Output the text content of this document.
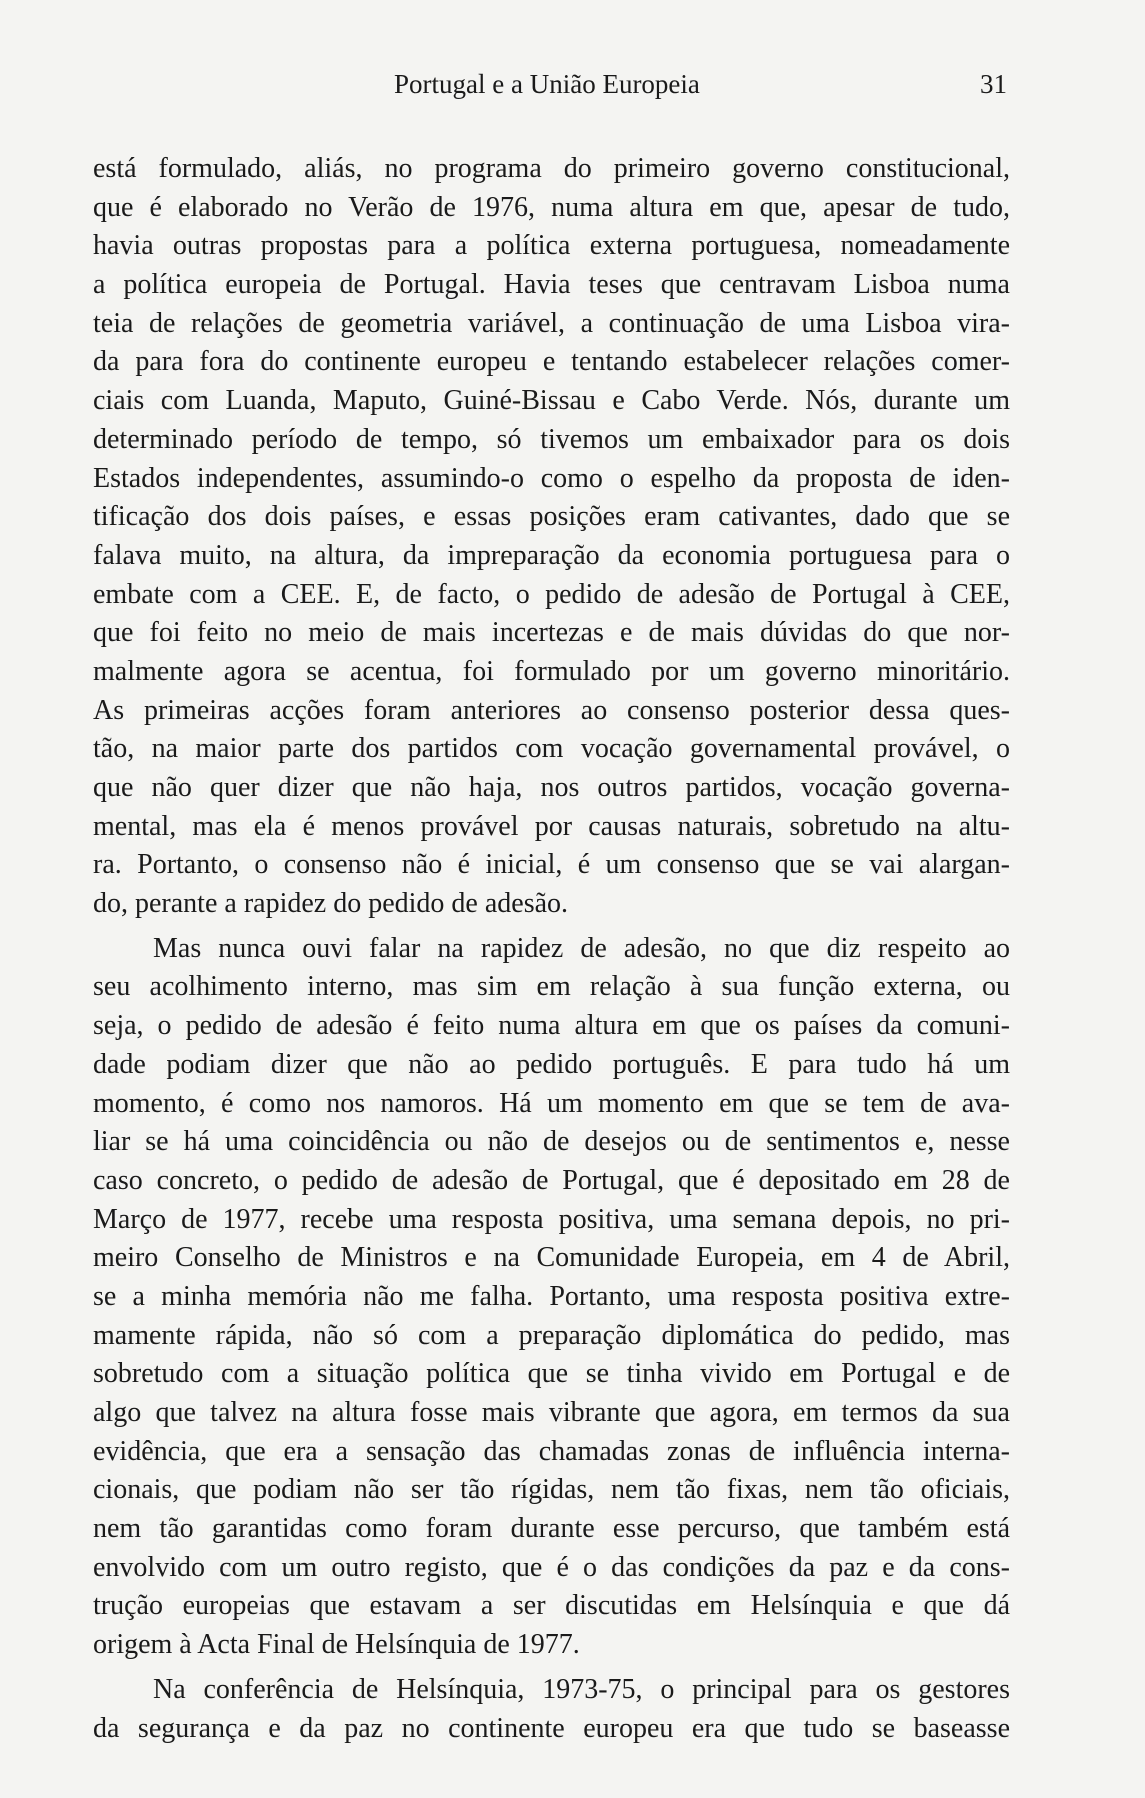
Portugal e a União Europeia	31
está formulado, aliás, no programa do primeiro governo constitucional,
que é elaborado no Verão de 1976, numa altura em que, apesar de tudo,
havia outras propostas para a política externa portuguesa, nomeadamente
a política europeia de Portugal. Havia teses que centravam Lisboa numa
teia de relações de geometria variável, a continuação de uma Lisboa vira-
da para fora do continente europeu e tentando estabelecer relações comer-
ciais com Luanda, Maputo, Guiné-Bissau e Cabo Verde. Nós, durante um
determinado período de tempo, só tivemos um embaixador para os dois
Estados independentes, assumindo-o como o espelho da proposta de iden-
tificação dos dois países, e essas posições eram cativantes, dado que se
falava muito, na altura, da impreparação da economia portuguesa para o
embate com a CEE. E, de facto, o pedido de adesão de Portugal à CEE,
que foi feito no meio de mais incertezas e de mais dúvidas do que nor-
malmente agora se acentua, foi formulado por um governo minoritário.
As primeiras acções foram anteriores ao consenso posterior dessa ques-
tão, na maior parte dos partidos com vocação governamental provável, o
que não quer dizer que não haja, nos outros partidos, vocação governa-
mental, mas ela é menos provável por causas naturais, sobretudo na altu-
ra. Portanto, o consenso não é inicial, é um consenso que se vai alargan-
do, perante a rapidez do pedido de adesão.
Mas nunca ouvi falar na rapidez de adesão, no que diz respeito ao
seu acolhimento interno, mas sim em relação à sua função externa, ou
seja, o pedido de adesão é feito numa altura em que os países da comuni-
dade podiam dizer que não ao pedido português. E para tudo há um
momento, é como nos namoros. Há um momento em que se tem de ava-
liar se há uma coincidência ou não de desejos ou de sentimentos e, nesse
caso concreto, o pedido de adesão de Portugal, que é depositado em 28 de
Março de 1977, recebe uma resposta positiva, uma semana depois, no pri-
meiro Conselho de Ministros e na Comunidade Europeia, em 4 de Abril,
se a minha memória não me falha. Portanto, uma resposta positiva extre-
mamente rápida, não só com a preparação diplomática do pedido, mas
sobretudo com a situação política que se tinha vivido em Portugal e de
algo que talvez na altura fosse mais vibrante que agora, em termos da sua
evidência, que era a sensação das chamadas zonas de influência interna-
cionais, que podiam não ser tão rígidas, nem tão fixas, nem tão oficiais,
nem tão garantidas como foram durante esse percurso, que também está
envolvido com um outro registo, que é o das condições da paz e da cons-
trução europeias que estavam a ser discutidas em Helsínquia e que dá
origem à Acta Final de Helsínquia de 1977.
Na conferência de Helsínquia, 1973-75, o principal para os gestores
da segurança e da paz no continente europeu era que tudo se baseasse
